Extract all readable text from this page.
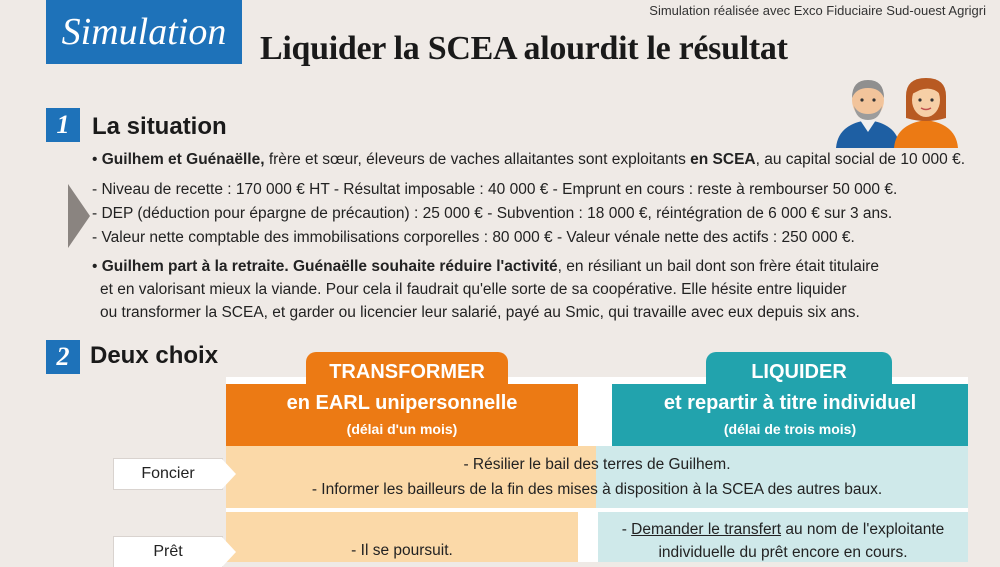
Simulation
Simulation réalisée avec Exco Fiduciaire Sud-ouest Agrigri
Liquider la SCEA alourdit le résultat
1 La situation
• Guilhem et Guénaëlle, frère et sœur, éleveurs de vaches allaitantes sont exploitants en SCEA, au capital social de 10 000 €.
- Niveau de recette : 170 000 € HT - Résultat imposable : 40 000 € - Emprunt en cours : reste à rembourser 50 000 €.
- DEP (déduction pour épargne de précaution) : 25 000 € - Subvention : 18 000 €, réintégration de 6 000 € sur 3 ans.
- Valeur nette comptable des immobilisations corporelles : 80 000 € - Valeur vénale nette des actifs : 250 000 €.
• Guilhem part à la retraite. Guénaëlle souhaite réduire l'activité, en résiliant un bail dont son frère était titulaire
et en valorisant mieux la viande. Pour cela il faudrait qu'elle sorte de sa coopérative. Elle hésite entre liquider
ou transformer la SCEA, et garder ou licencier leur salarié, payé au Smic, qui travaille avec eux depuis six ans.
2 Deux choix
TRANSFORMER
en EARL unipersonnelle
(délai d'un mois)
LIQUIDER
et repartir à titre individuel
(délai de trois mois)
Foncier
- Résilier le bail des terres de Guilhem.
- Informer les bailleurs de la fin des mises à disposition à la SCEA des autres baux.
Prêt	- Il se poursuit.
- Demander le transfert au nom de l'exploitante
individuelle du prêt encore en cours.
